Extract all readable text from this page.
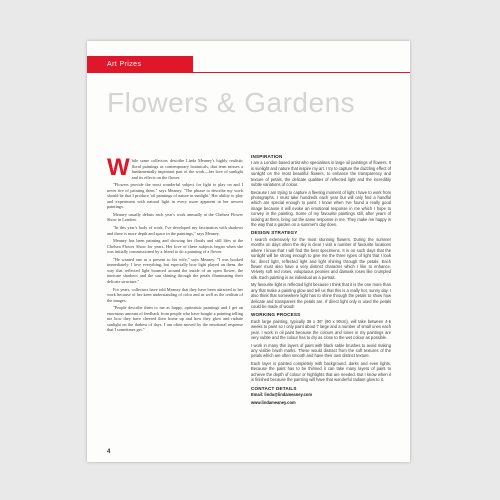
Art Prizes
Flowers & Gardens

While some collectors describe Linda Meaney's highly realistic floral paintings as contemporary botanicals, that term misses a fundamentally important part of the work—her love of sunlight and its effects on the flower.

"Flowers provide the most wonderful subject for light to play on and I never tire of painting them," says Meaney. "The phrase to describe my work should be that I produce 'oil paintings of nature in sunlight.' Her ability to play and experiment with natural light in every more apparent in her newest paintings.

Meaney usually debuts each year's work annually at the Chelsea Flower Show in London.

"In this year's body of work, I've developed my fascination with shadows and there is more depth and space in the paintings," says Meaney.

Meaney has been painting and showing her florals and still lifes at the Chelsea Flower Show for years. Her love of these subjects began when she was initially commissioned by a friend to do a painting of a flower.

"He wanted one as a present to his wife," says Meaney. "I was hooked immediately. I love everything, but especially how light played on them, the way that reflected light bounced around the inside of an open flower, the intricate shadows and the sun shining through the petals illuminating their delicate structure."

For years, collectors have told Meaney that they have been attracted to her work because of her keen understanding of color and as well as the realism of the images.

"People describe them to me as happy, optimistic paintings and I get an enormous amount of feedback from people who have bought a painting telling me how they have cheered their home up and how they glow and radiate sunlight on the darkest of days. I am often moved by the emotional response that I sometimes get."

INSPIRATION

I am a London based artist who specialises in large oil paintings of flowers. It is sunlight and nature that inspire my art. I try to capture the dazzling effect of sunlight on the most beautiful flowers, to enhance the transparency and texture of petals, the delicate qualities of reflected light and the incredibly subtle variations of colour.

Because I am trying to capture a fleeting moment of light I have to work from photographs. I must take hundreds each year but will only find a handful which are special enough to paint. I know when I've found a really good image because it will evoke an emotional response in me which I hope to convey in the painting. Some of my favourite paintings still, after years of looking at them, bring out the same response in me. They make me happy in the way that a garden on a summer's day does.

DESIGN STRATEGY

I search extensively for the most stunning flowers. During the summer months on days when the sky is clear I visit a number of favourite locations where I know that I will find the best specimens. It is on such days that the sunlight will be strong enough to give me the three types of light that I look for, direct light, reflected light and light shining through the petals. Each flower must also have a very distinct character which I like to enhance. Velvety soft red roses, voluptuous peonies and damask roses like crumpled silk. Each painting is as individual as a portrait.

My favourite light is reflected light because I think that it is the one more than any that make a painting glow and tell us that this is a really hot, sunny day. I also think that somewhere light has to shine through the petals to show how delicate and transparent the petals are. If direct light only is used the petals could be made of wood!

WORKING PROCESS

Each large painting, typically 36 x 36" (90 x 90cm), will take between 4-6 weeks to paint so I only paint about 7 large and a number of small ones each year. I work in oil paint because the colours and tones in my paintings are very subtle and the colour has to dry as close to the wet colour as possible.

I work in many thin layers of paint with black sable brushes to avoid making any visible brush marks. These would distract from the soft textures of the petals which are often smooth and have their own distinct texture.

Each layer is painted completely with background, darks and even lights. Because the paint has to be thinned it can take many layers of paint to achieve the depth of colour or highlights that are needed. But I know when it is finished because the painting will have that wonderful radiant glow to it.

CONTACT DETAILS

Email: linda@lindameaney.com

www.lindameaney.com

4
